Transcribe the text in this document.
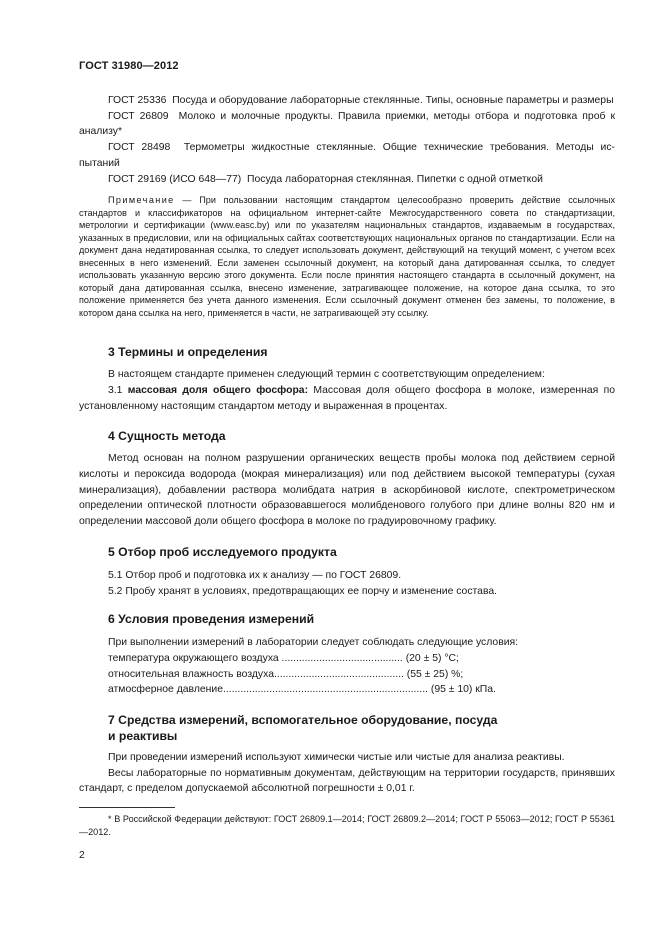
ГОСТ 31980—2012

ГОСТ 25336 Посуда и оборудование лабораторные стеклянные. Типы, основные параметры и размеры

ГОСТ 26809 Молоко и молочные продукты. Правила приемки, методы отбора и подготовка проб к анализу*

ГОСТ 28498 Термометры жидкостные стеклянные. Общие технические требования. Методы ис-пытаний

ГОСТ 29169 (ИСО 648—77) Посуда лабораторная стеклянная. Пипетки с одной отметкой

Примечание — При пользовании настоящим стандартом целесообразно проверить действие ссылочных стандартов и классификаторов на официальном интернет-сайте Межгосударственного совета по стандартизации, метрологии и сертификации (www.easc.by) или по указателям национальных стандартов, издаваемым в государствах, указанных в предисловии, или на официальных сайтах соответствующих национальных органов по стандартизации. Если на документ дана недатированная ссылка, то следует использовать документ, действующий на текущий момент, с учетом всех внесенных в него изменений. Если заменен ссылочный документ, на который дана датированная ссылка, то следует использовать указанную версию этого документа. Если после принятия настоящего стандарта в ссылочный документ, на который дана датированная ссылка, внесено изменение, затрагивающее положение, на которое дана ссылка, то это положение применяется без учета данного изменения. Если ссылочный документ отменен без замены, то положение, в котором дана ссылка на него, применяется в части, не затрагивающей эту ссылку.

3 Термины и определения

В настоящем стандарте применен следующий термин с соответствующим определением:

3.1 массовая доля общего фосфора: Массовая доля общего фосфора в молоке, измеренная по установленному настоящим стандартом методу и выраженная в процентах.

4 Сущность метода

Метод основан на полном разрушении органических веществ пробы молока под действием серной кислоты и пероксида водорода (мокрая минерализация) или под действием высокой температуры (сухая минерализация), добавлении раствора молибдата натрия в аскорбиновой кислоте, спектрометрическом определении оптической плотности образовавшегося молибденового голубого при длине волны 820 нм и определении массовой доли общего фосфора в молоке по градуировочному графику.

5 Отбор проб исследуемого продукта

5.1 Отбор проб и подготовка их к анализу — по ГОСТ 26809.

5.2 Пробу хранят в условиях, предотвращающих ее порчу и изменение состава.

6 Условия проведения измерений

При выполнении измерений в лаборатории следует соблюдать следующие условия:

температура окружающего воздуха .......................................... (20 ± 5) °С;
относительная влажность воздуха............................................. (55 ± 25) %;
атмосферное давление....................................................................... (95 ± 10) кПа.
7 Средства измерений, вспомогательное оборудование, посуда
и реактивы

При проведении измерений используют химически чистые или чистые для анализа реактивы.

Весы лабораторные по нормативным документам, действующим на территории государств, принявших стандарт, с пределом допускаемой абсолютной погрешности ± 0,01 г.

* В Российской Федерации действуют: ГОСТ 26809.1—2014; ГОСТ 26809.2—2014; ГОСТ Р 55063—2012; ГОСТ Р 55361—2012.

2
